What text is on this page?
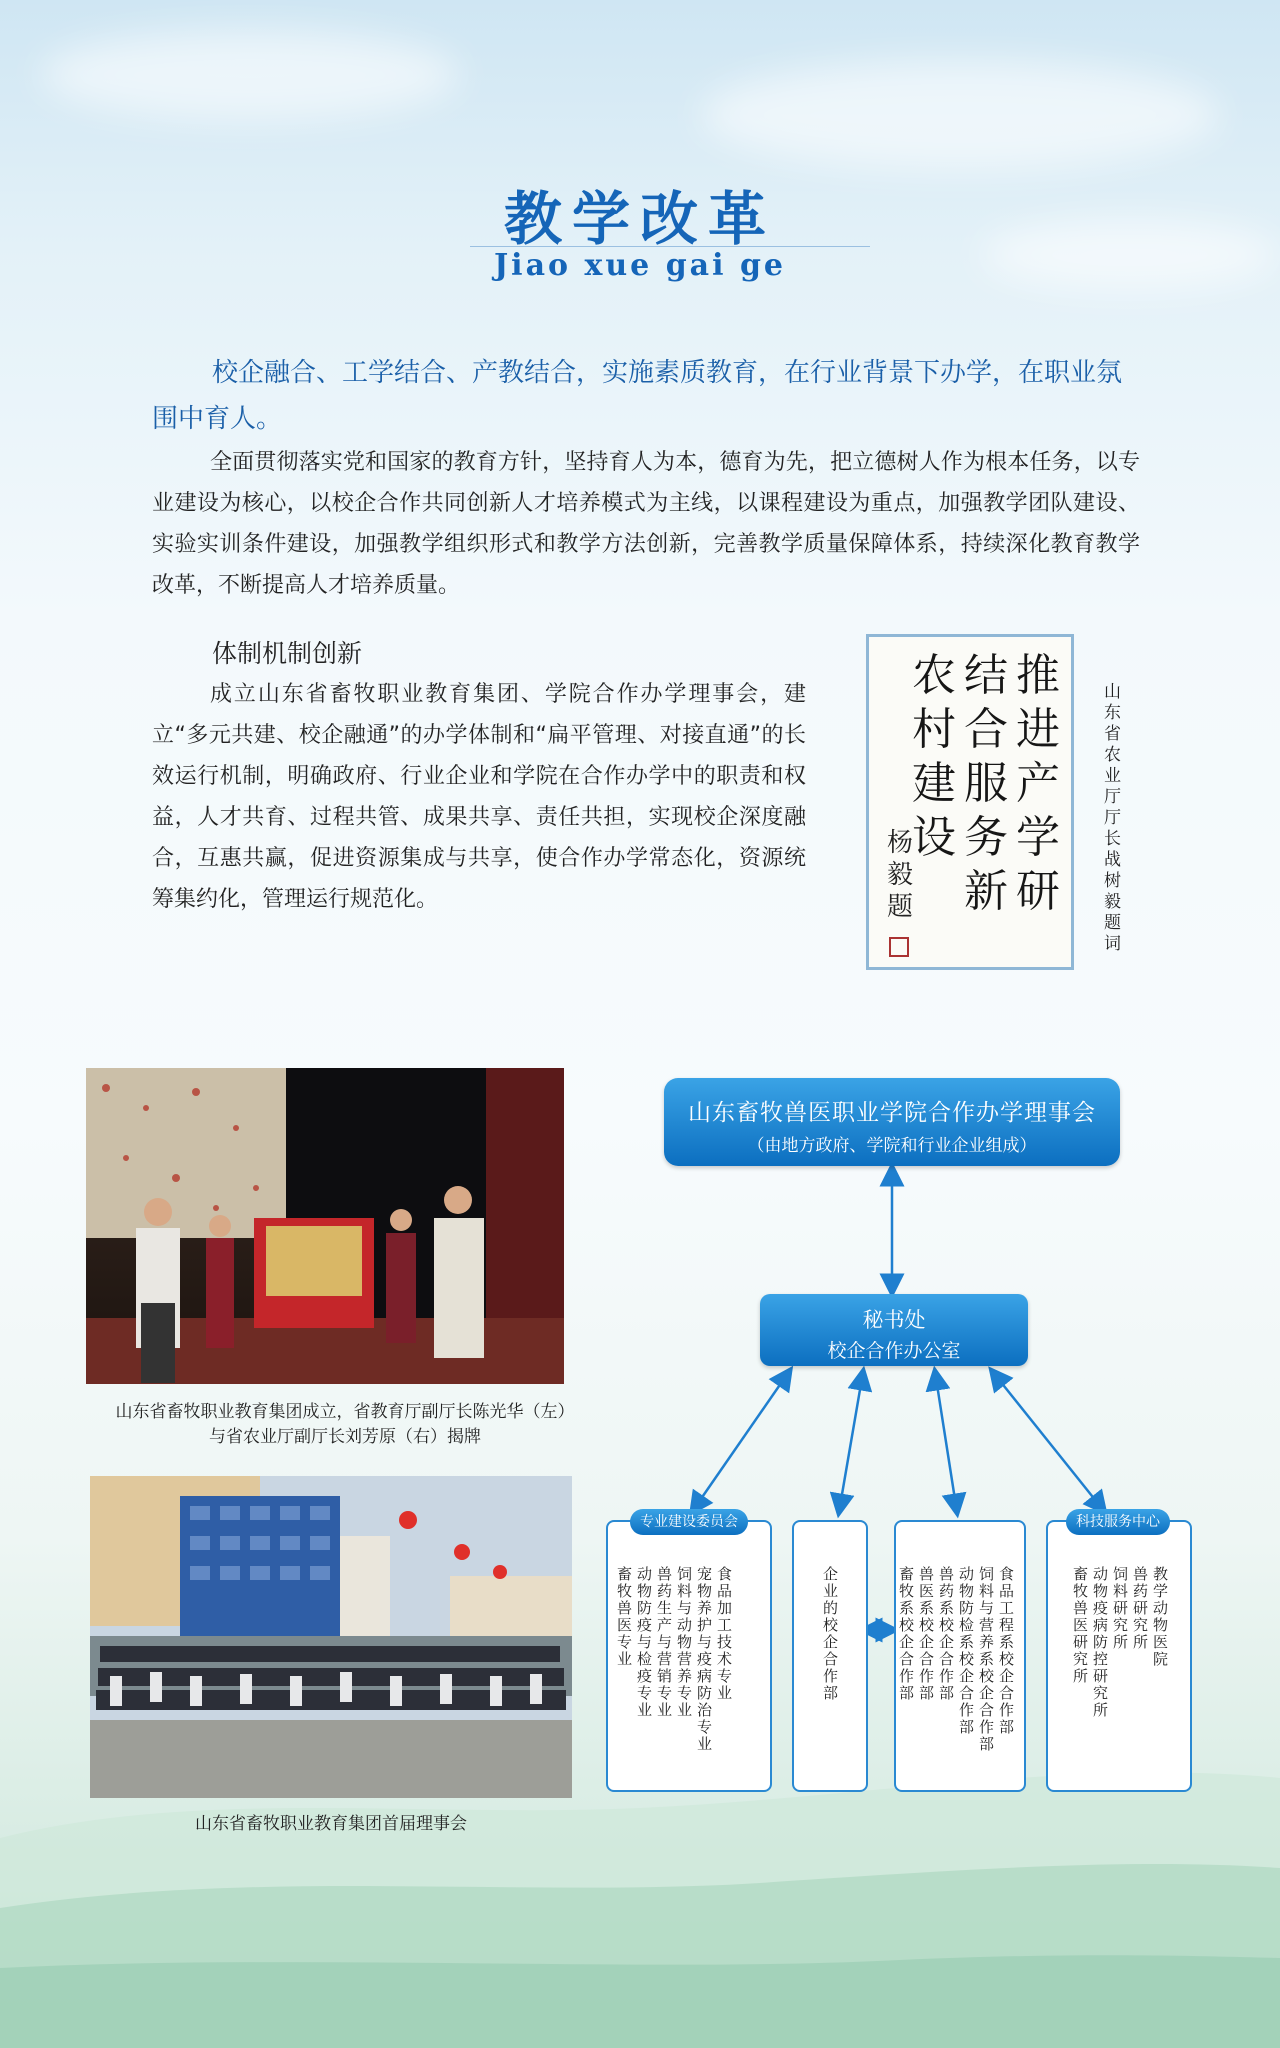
教学改革
Jiao xue gai ge
校企融合、工学结合、产教结合，实施素质教育，在行业背景下办学，在职业氛围中育人。
全面贯彻落实党和国家的教育方针，坚持育人为本，德育为先，把立德树人作为根本任务，以专业建设为核心，以校企合作共同创新人才培养模式为主线，以课程建设为重点，加强教学团队建设、实验实训条件建设，加强教学组织形式和教学方法创新，完善教学质量保障体系，持续深化教育教学改革，不断提高人才培养质量。
体制机制创新
成立山东省畜牧职业教育集团、学院合作办学理事会，建立“多元共建、校企融通”的办学体制和“扁平管理、对接直通”的长效运行机制，明确政府、行业企业和学院在合作办学中的职责和权益，人才共育、过程共管、成果共享、责任共担，实现校企深度融合，互惠共赢，促进资源集成与共享，使合作办学常态化，资源统筹集约化，管理运行规范化。
推进产学研
结合服务新
农村建设
杨毅题
山东省农业厅厅长战树毅题词
山东省畜牧职业教育集团成立，省教育厅副厅长陈光华（左）与省农业厅副厅长刘芳原（右）揭牌
山东省畜牧职业教育集团首届理事会
山东畜牧兽医职业学院合作办学理事会
（由地方政府、学院和行业企业组成）
秘书处
校企合作办公室
专业建设委员会
食品加工技术专业
宠物养护与疫病防治专业
饲料与动物营养专业
兽药生产与营销专业
动物防疫与检疫专业
畜牧兽医专业
企业的校企合作部
食品工程系校企合作部
饲料与营养系校企合作部
动物防检系校企合作部
兽药系校企合作部
兽医系校企合作部
畜牧系校企合作部
科技服务中心
教学动物医院
兽药研究所
饲料研究所
动物疫病防控研究所
畜牧兽医研究所
